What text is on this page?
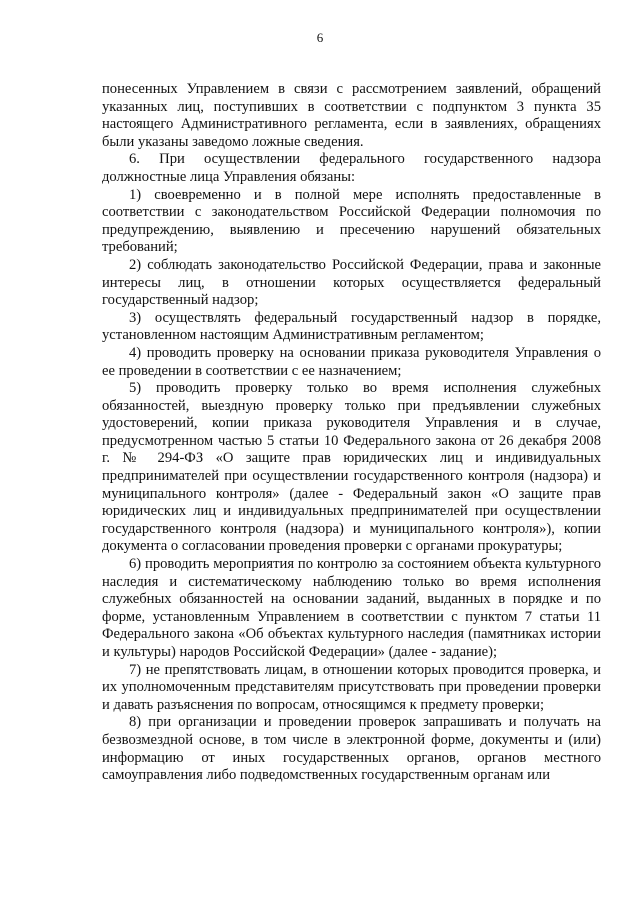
6

понесенных Управлением в связи с рассмотрением заявлений, обращений указанных лиц, поступивших в соответствии с подпунктом 3 пункта 35 настоящего Административного регламента, если в заявлениях, обращениях были указаны заведомо ложные сведения.

6. При осуществлении федерального государственного надзора должностные лица Управления обязаны:

1) своевременно и в полной мере исполнять предоставленные в соответствии с законодательством Российской Федерации полномочия по предупреждению, выявлению и пресечению нарушений обязательных требований;

2) соблюдать законодательство Российской Федерации, права и законные интересы лиц, в отношении которых осуществляется федеральный государственный надзор;

3) осуществлять федеральный государственный надзор в порядке, установленном настоящим Административным регламентом;

4) проводить проверку на основании приказа руководителя Управления о ее проведении в соответствии с ее назначением;

5) проводить проверку только во время исполнения служебных обязанностей, выездную проверку только при предъявлении служебных удостоверений, копии приказа руководителя Управления и в случае, предусмотренном частью 5 статьи 10 Федерального закона от 26 декабря 2008 г. № 294-ФЗ «О защите прав юридических лиц и индивидуальных предпринимателей при осуществлении государственного контроля (надзора) и муниципального контроля» (далее - Федеральный закон «О защите прав юридических лиц и индивидуальных предпринимателей при осуществлении государственного контроля (надзора) и муниципального контроля»), копии документа о согласовании проведения проверки с органами прокуратуры;

6) проводить мероприятия по контролю за состоянием объекта культурного наследия и систематическому наблюдению только во время исполнения служебных обязанностей на основании заданий, выданных в порядке и по форме, установленным Управлением в соответствии с пунктом 7 статьи 11 Федерального закона «Об объектах культурного наследия (памятниках истории и культуры) народов Российской Федерации» (далее - задание);

7) не препятствовать лицам, в отношении которых проводится проверка, и их уполномоченным представителям присутствовать при проведении проверки и давать разъяснения по вопросам, относящимся к предмету проверки;

8) при организации и проведении проверок запрашивать и получать на безвозмездной основе, в том числе в электронной форме, документы и (или) информацию от иных государственных органов, органов местного самоуправления либо подведомственных государственным органам или
